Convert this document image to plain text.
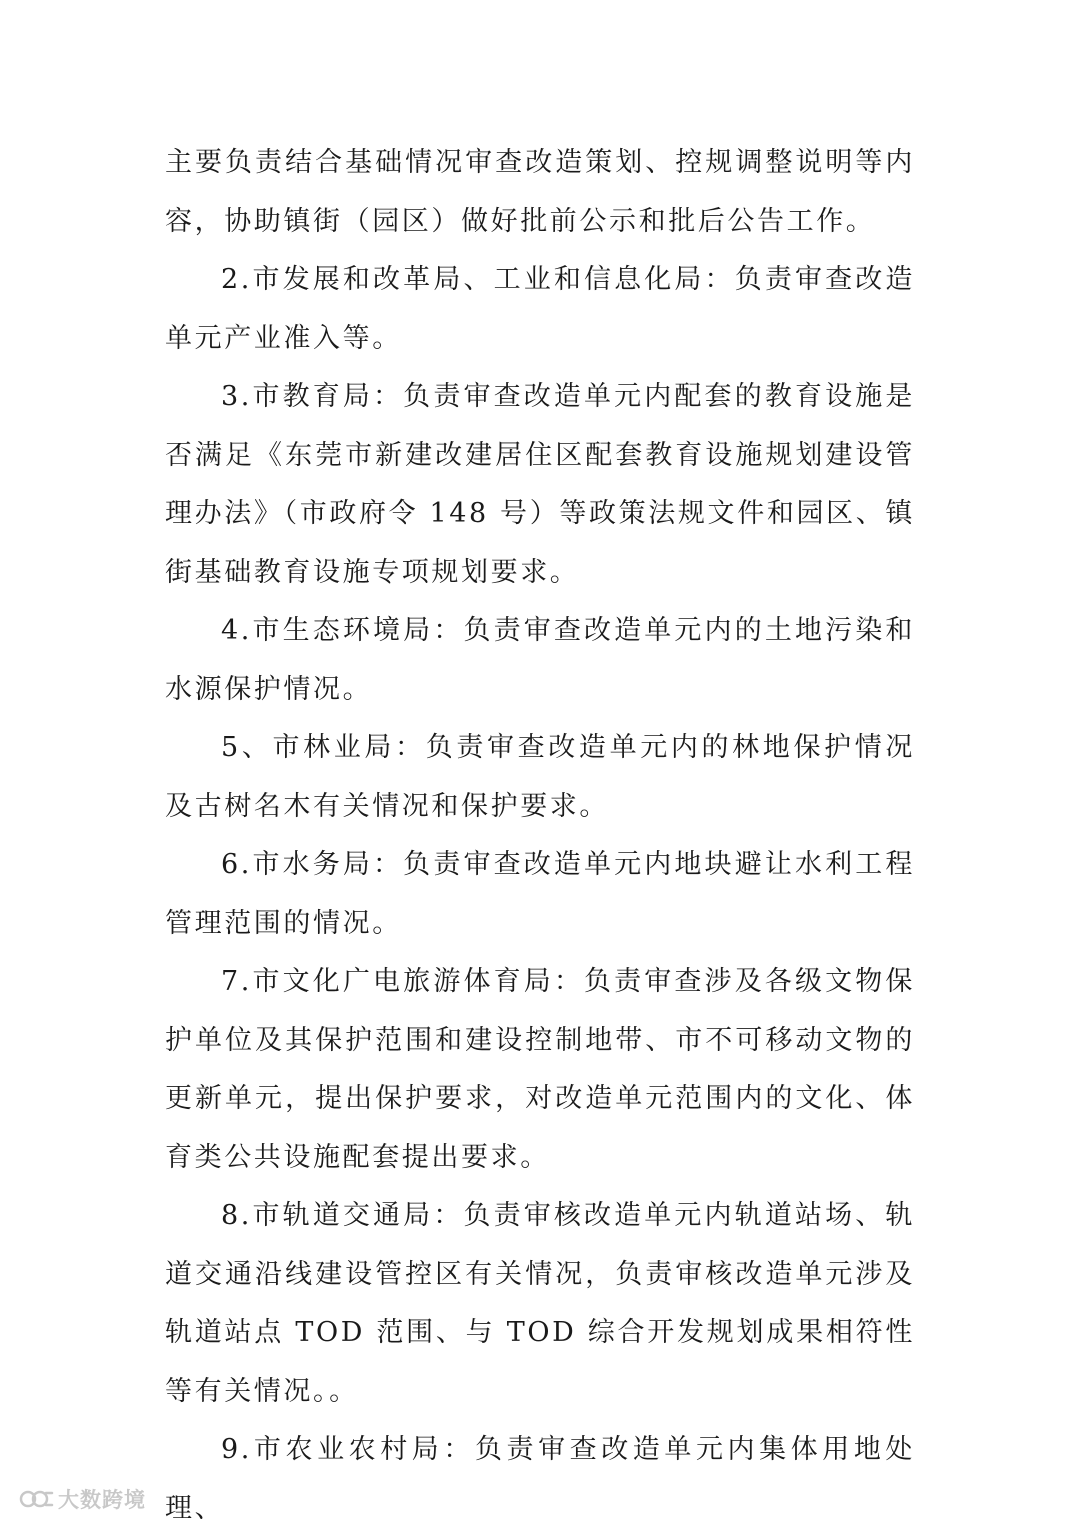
主要负责结合基础情况审查改造策划、控规调整说明等内容，协助镇街（园区）做好批前公示和批后公告工作。

2.市发展和改革局、工业和信息化局：负责审查改造单元产业准入等。

3.市教育局：负责审查改造单元内配套的教育设施是否满足《东莞市新建改建居住区配套教育设施规划建设管理办法》（市政府令 148 号）等政策法规文件和园区、镇街基础教育设施专项规划要求。

4.市生态环境局：负责审查改造单元内的土地污染和水源保护情况。

5、市林业局：负责审查改造单元内的林地保护情况及古树名木有关情况和保护要求。

6.市水务局：负责审查改造单元内地块避让水利工程管理范围的情况。

7.市文化广电旅游体育局：负责审查涉及各级文物保护单位及其保护范围和建设控制地带、市不可移动文物的更新单元，提出保护要求，对改造单元范围内的文化、体育类公共设施配套提出要求。

8.市轨道交通局：负责审核改造单元内轨道站场、轨道交通沿线建设管控区有关情况，负责审核改造单元涉及轨道站点 TOD 范围、与 TOD 综合开发规划成果相符性等有关情况。。

9.市农业农村局：负责审查改造单元内集体用地处理、

大数跨境
